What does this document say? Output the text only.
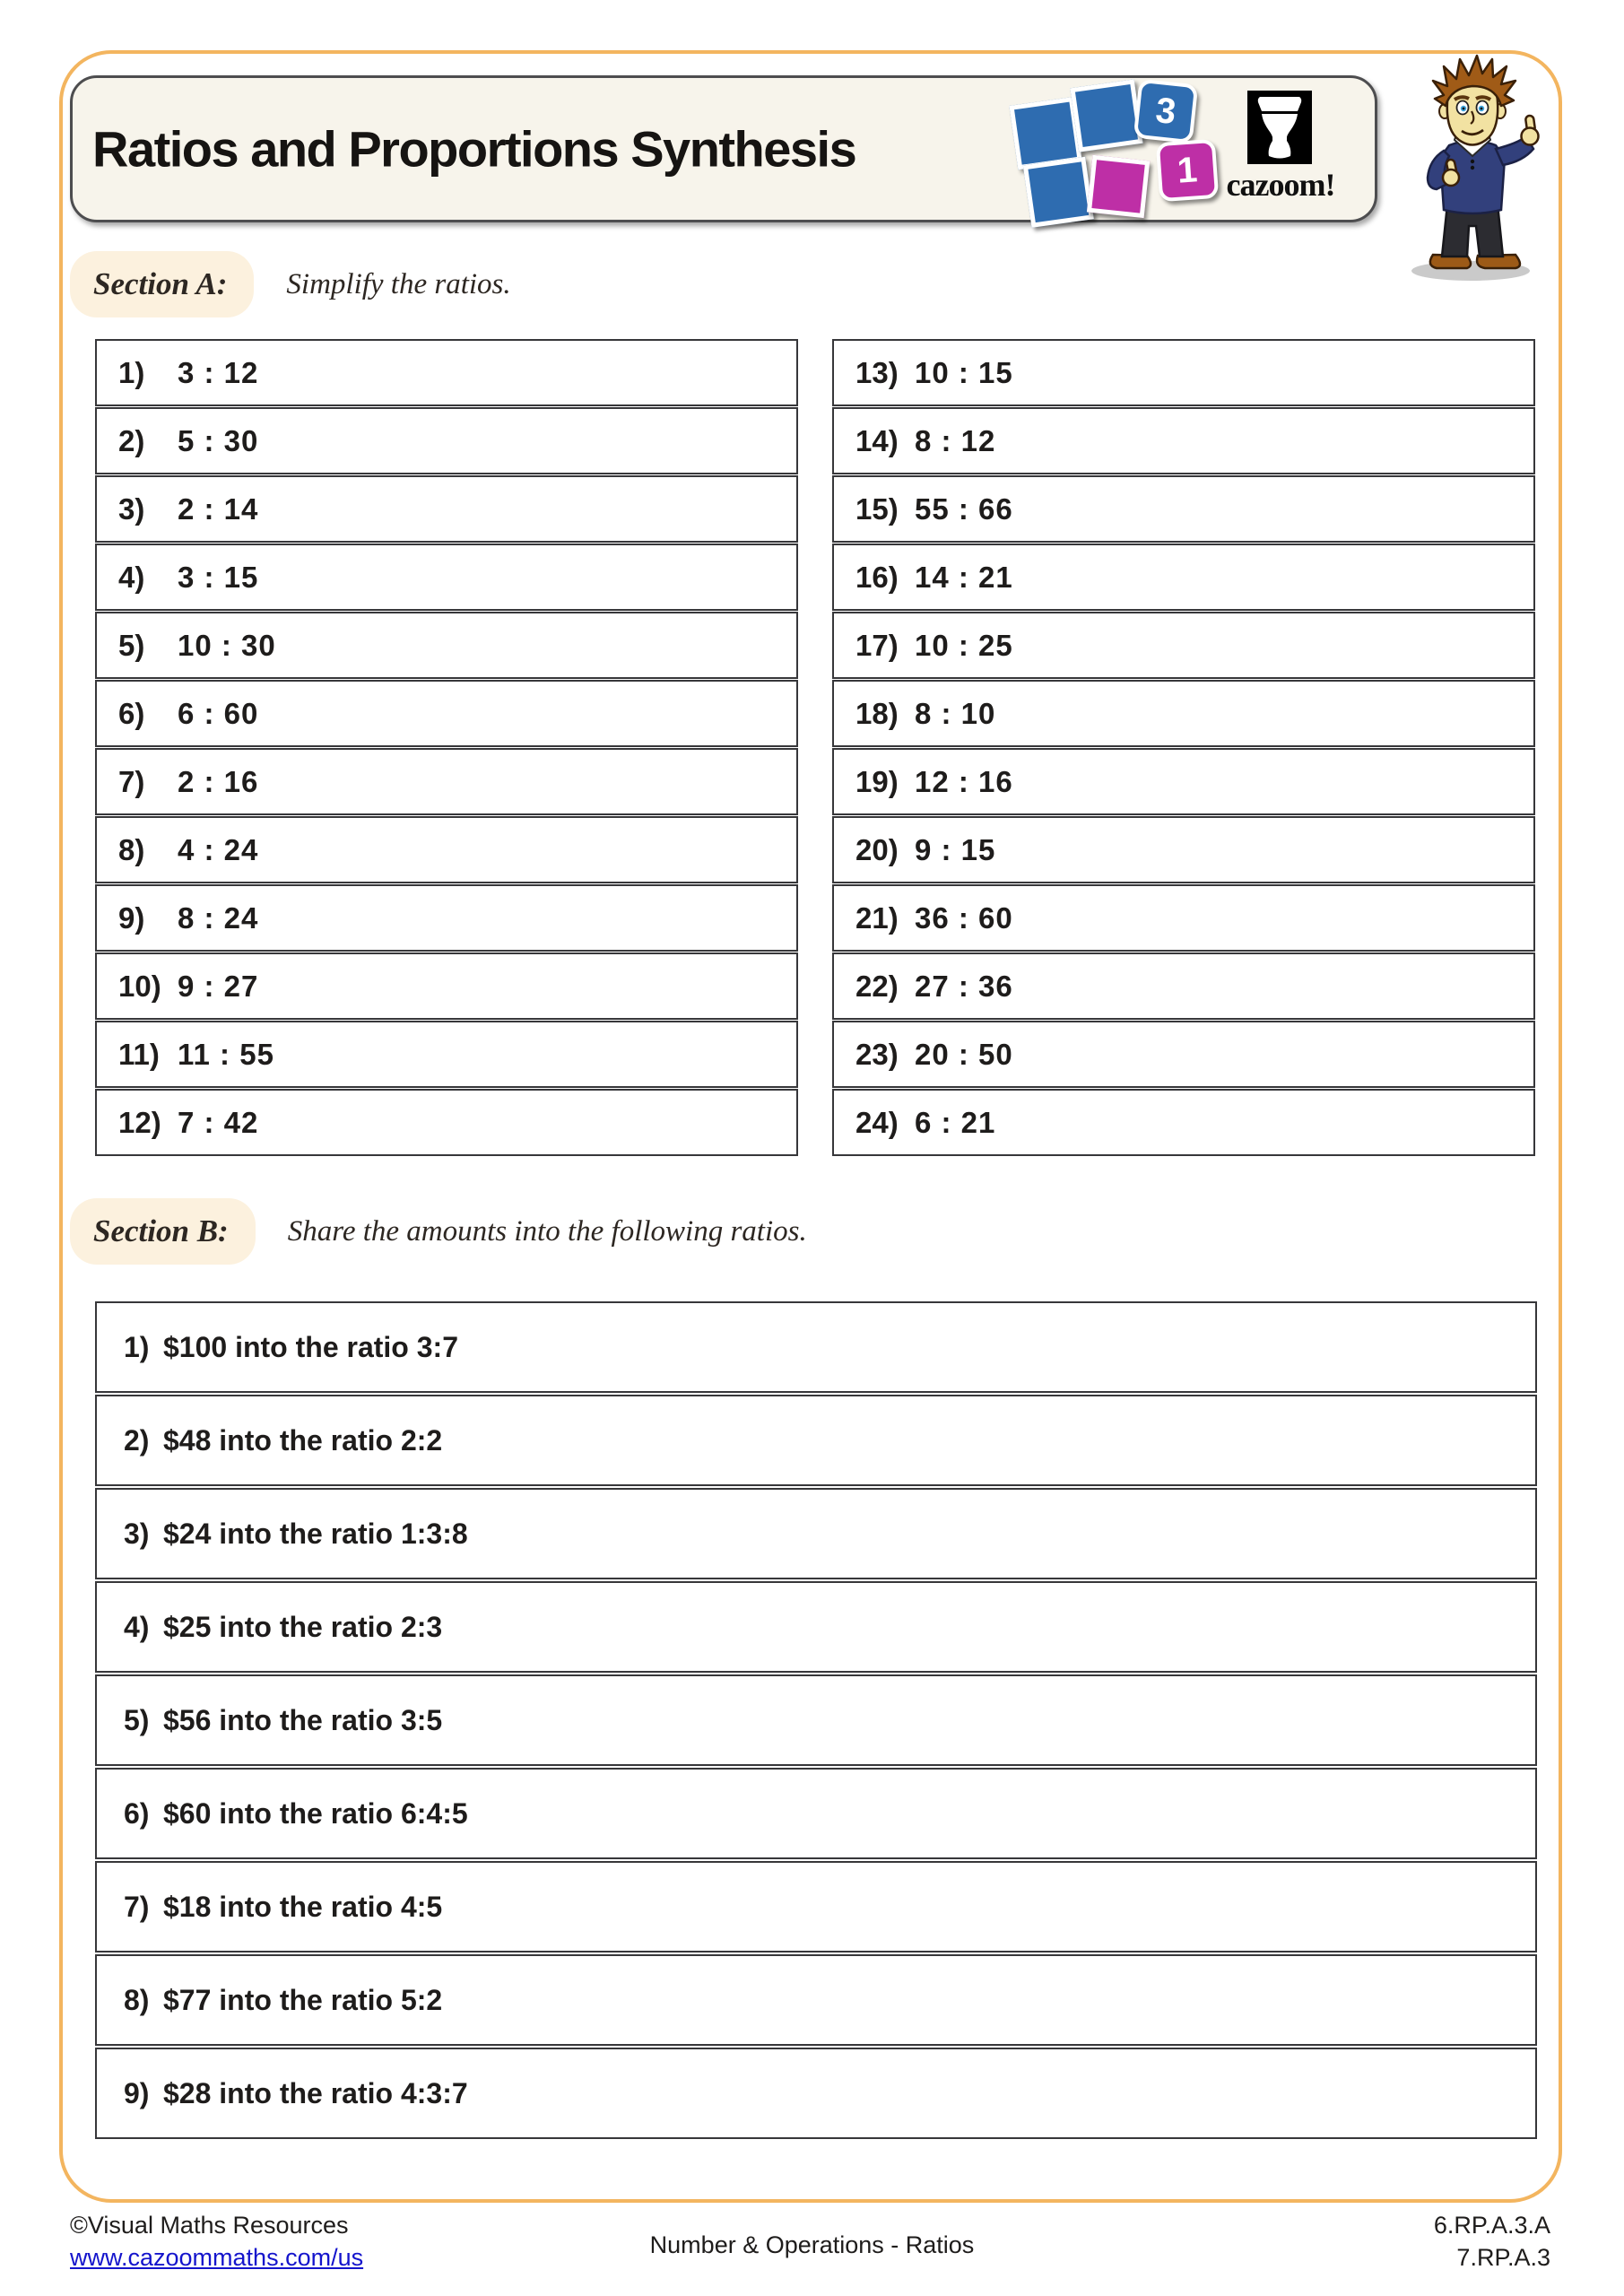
Ratios and Proportions Synthesis
3
1 cazoom!
Section A: Simplify the ratios.
1)	3 : 12
2)	5 : 30
3)	2 : 14
4)	3 : 15
5)	10 : 30
6)	6 : 60
7)	2 : 16
8)	4 : 24
9)	8 : 24
10) 9 : 27
11) 11 : 55
12) 7 : 42
13) 10 : 15
14) 8 : 12
15) 55 : 66
16) 14 : 21
17) 10 : 25
18) 8 : 10
19) 12 : 16
20) 9 : 15
21) 36 : 60
22) 27 : 36
23) 20 : 50
24) 6 : 21
Section B: Share the amounts into the following ratios.
1) $100 into the ratio 3:7
2) $48 into the ratio 2:2
3) $24 into the ratio 1:3:8
4) $25 into the ratio 2:3
5) $56 into the ratio 3:5
6) $60 into the ratio 6:4:5
7) $18 into the ratio 4:5
8) $77 into the ratio 5:2
9) $28 into the ratio 4:3:7
©Visual Maths Resources
www.cazoommaths.com/us	Number & Operations - Ratios
6.RP.A.3.A
7.RP.A.3
